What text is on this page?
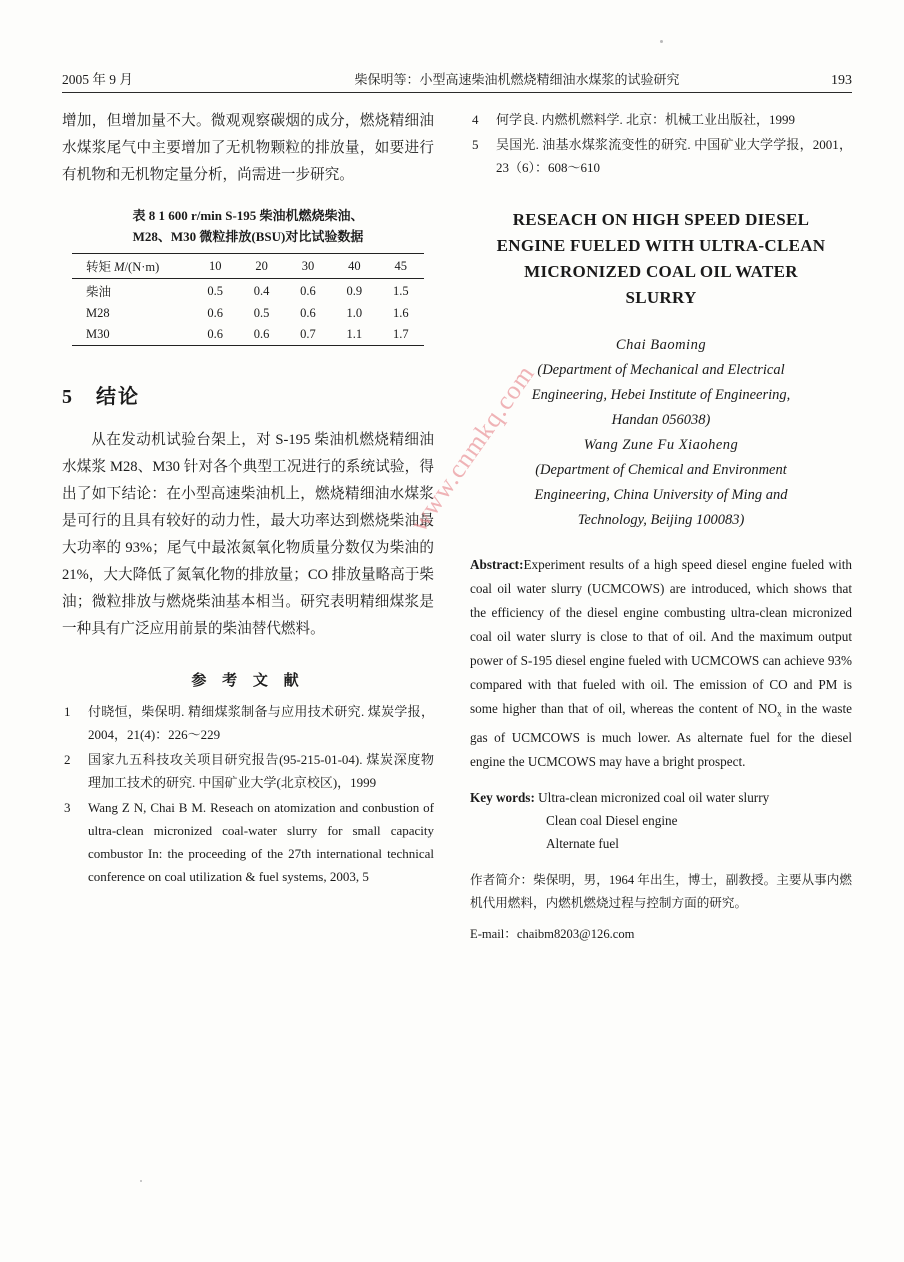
2005 年 9 月	柴保明等：小型高速柴油机燃烧精细油水煤浆的试验研究	193

增加，但增加量不大。微观观察碳烟的成分，燃烧精细油水煤浆尾气中主要增加了无机物颗粒的排放量，如要进行有机物和无机物定量分析，尚需进一步研究。

表 8 1 600 r/min S-195 柴油机燃烧柴油、
M28、M30 微粒排放(BSU)对比试验数据
转矩 M/(N·m)	10	20	30	40	45
柴油	0.5	0.4	0.6	0.9	1.5
M28	0.6	0.5	0.6	1.0	1.6
M30	0.6	0.6	0.7	1.1	1.7
5 结论

从在发动机试验台架上，对 S-195 柴油机燃烧精细油水煤浆 M28、M30 针对各个典型工况进行的系统试验，得出了如下结论：在小型高速柴油机上，燃烧精细油水煤浆是可行的且具有较好的动力性，最大功率达到燃烧柴油最大功率的 93%；尾气中最浓氮氧化物质量分数仅为柴油的 21%，大大降低了氮氧化物的排放量；CO 排放量略高于柴油；微粒排放与燃烧柴油基本相当。研究表明精细煤浆是一种具有广泛应用前景的柴油替代燃料。

参 考 文 献
1 付晓恒，柴保明. 精细煤浆制备与应用技术研究. 煤炭学报，2004，21(4)：226～229
2 国家九五科技攻关项目研究报告(95-215-01-04). 煤炭深度物理加工技术的研究. 中国矿业大学(北京校区)，1999
3 Wang Z N, Chai B M. Reseach on atomization and conbustion of ultra-clean micronized coal-water slurry for small capacity combustor In: the proceeding of the 27th international technical conference on coal utilization & fuel systems, 2003, 5
4 何学良. 内燃机燃料学. 北京：机械工业出版社，1999
5 吴国光. 油基水煤浆流变性的研究. 中国矿业大学学报，2001，23（6）：608～610
RESEACH ON HIGH SPEED DIESEL
ENGINE FUELED WITH ULTRA-CLEAN
MICRONIZED COAL OIL WATER
SLURRY
Chai Baoming
(Department of Mechanical and Electrical
Engineering, Hebei Institute of Engineering,
Handan 056038)
Wang Zune Fu Xiaoheng
(Department of Chemical and Environment
Engineering, China University of Ming and
Technology, Beijing 100083)
Abstract:Experiment results of a high speed diesel engine fueled with coal oil water slurry (UCMCOWS) are introduced, which shows that the efficiency of the diesel engine combusting ultra-clean micronized coal oil water slurry is close to that of oil. And the maximum output power of S-195 diesel engine fueled with UCMCOWS can achieve 93% compared with that fueled with oil. The emission of CO and PM is some higher than that of oil, whereas the content of $NO_x$ in the waste gas of UCMCOWS is much lower. As alternate fuel for the diesel engine the UCMCOWS may have a bright prospect.
Key words: Ultra-clean micronized coal oil water slurry
Clean coal Diesel engine
Alternate fuel
作者简介：柴保明，男，1964 年出生，博士，副教授。主要从事内燃机代用燃料，内燃机燃烧过程与控制方面的研究。
E-mail：chaibm8203@126.com
www.cnmkq.com
